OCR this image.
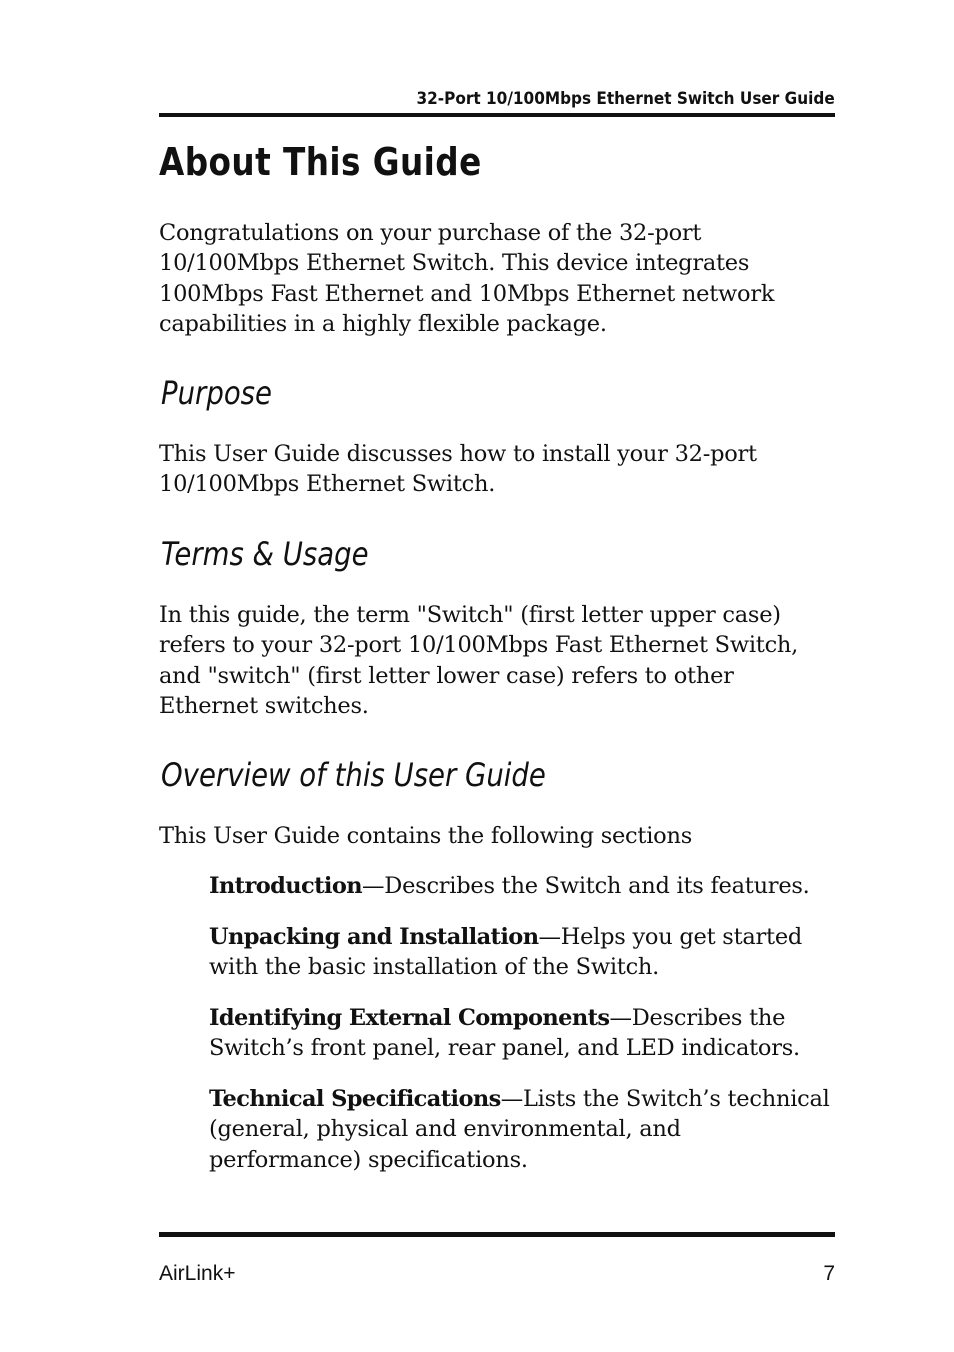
32-Port 10/100Mbps Ethernet Switch User Guide
About This Guide

Congratulations on your purchase of the 32-port 10/100Mbps Ethernet Switch. This device integrates 100Mbps Fast Ethernet and 10Mbps Ethernet network capabilities in a highly flexible package.

Purpose

This User Guide discusses how to install your 32-port 10/100Mbps Ethernet Switch.

Terms & Usage

In this guide, the term "Switch" (first letter upper case) refers to your 32-port 10/100Mbps Fast Ethernet Switch, and "switch" (first letter lower case) refers to other Ethernet switches.

Overview of this User Guide

This User Guide contains the following sections

Introduction—Describes the Switch and its features.
Unpacking and Installation—Helps you get started with the basic installation of the Switch.
Identifying External Components—Describes the Switch’s front panel, rear panel, and LED indicators.
Technical Specifications—Lists the Switch’s technical (general, physical and environmental, and performance) specifications.
AirLink+	7
